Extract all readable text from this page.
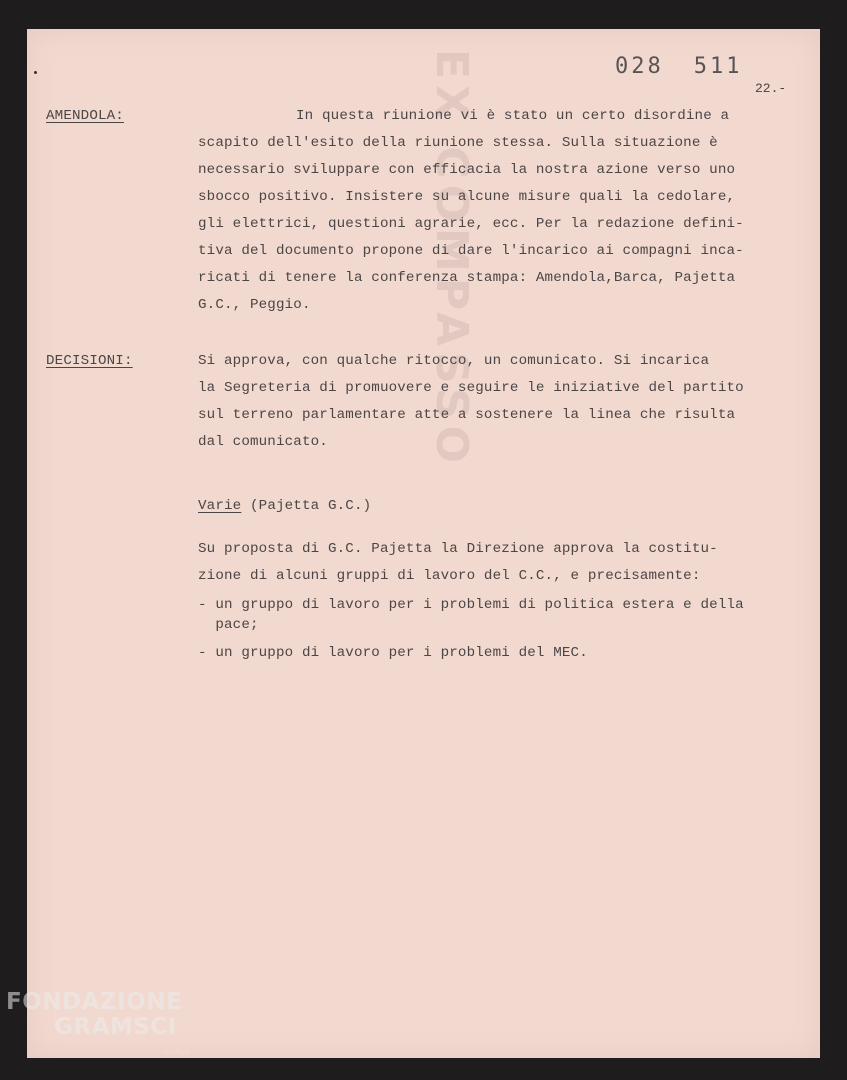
EX COMPASSO	028 511
22.-
AMENDOLA:	In questa riunione vi è stato un certo disordine a
scapito dell'esito della riunione stessa. Sulla situazione è
necessario sviluppare con efficacia la nostra azione verso uno
sbocco positivo. Insistere su alcune misure quali la cedolare,
gli elettrici, questioni agrarie, ecc. Per la redazione defini-
tiva del documento propone di dare l'incarico ai compagni inca-
ricati di tenere la conferenza stampa: Amendola,Barca, Pajetta
G.C., Peggio.
DECISIONI:	Si approva, con qualche ritocco, un comunicato. Si incarica
la Segreteria di promuovere e seguire le iniziative del partito
sul terreno parlamentare atte a sostenere la linea che risulta
dal comunicato.
Varie (Pajetta G.C.)
Su proposta di G.C. Pajetta la Direzione approva la costitu-
zione di alcuni gruppi di lavoro del C.C., e precisamente:
- un gruppo di lavoro per i problemi di politica estera e della
pace;
- un gruppo di lavoro per i problemi del MEC.
FONDAZIONE
GRAMSCI
onlus
